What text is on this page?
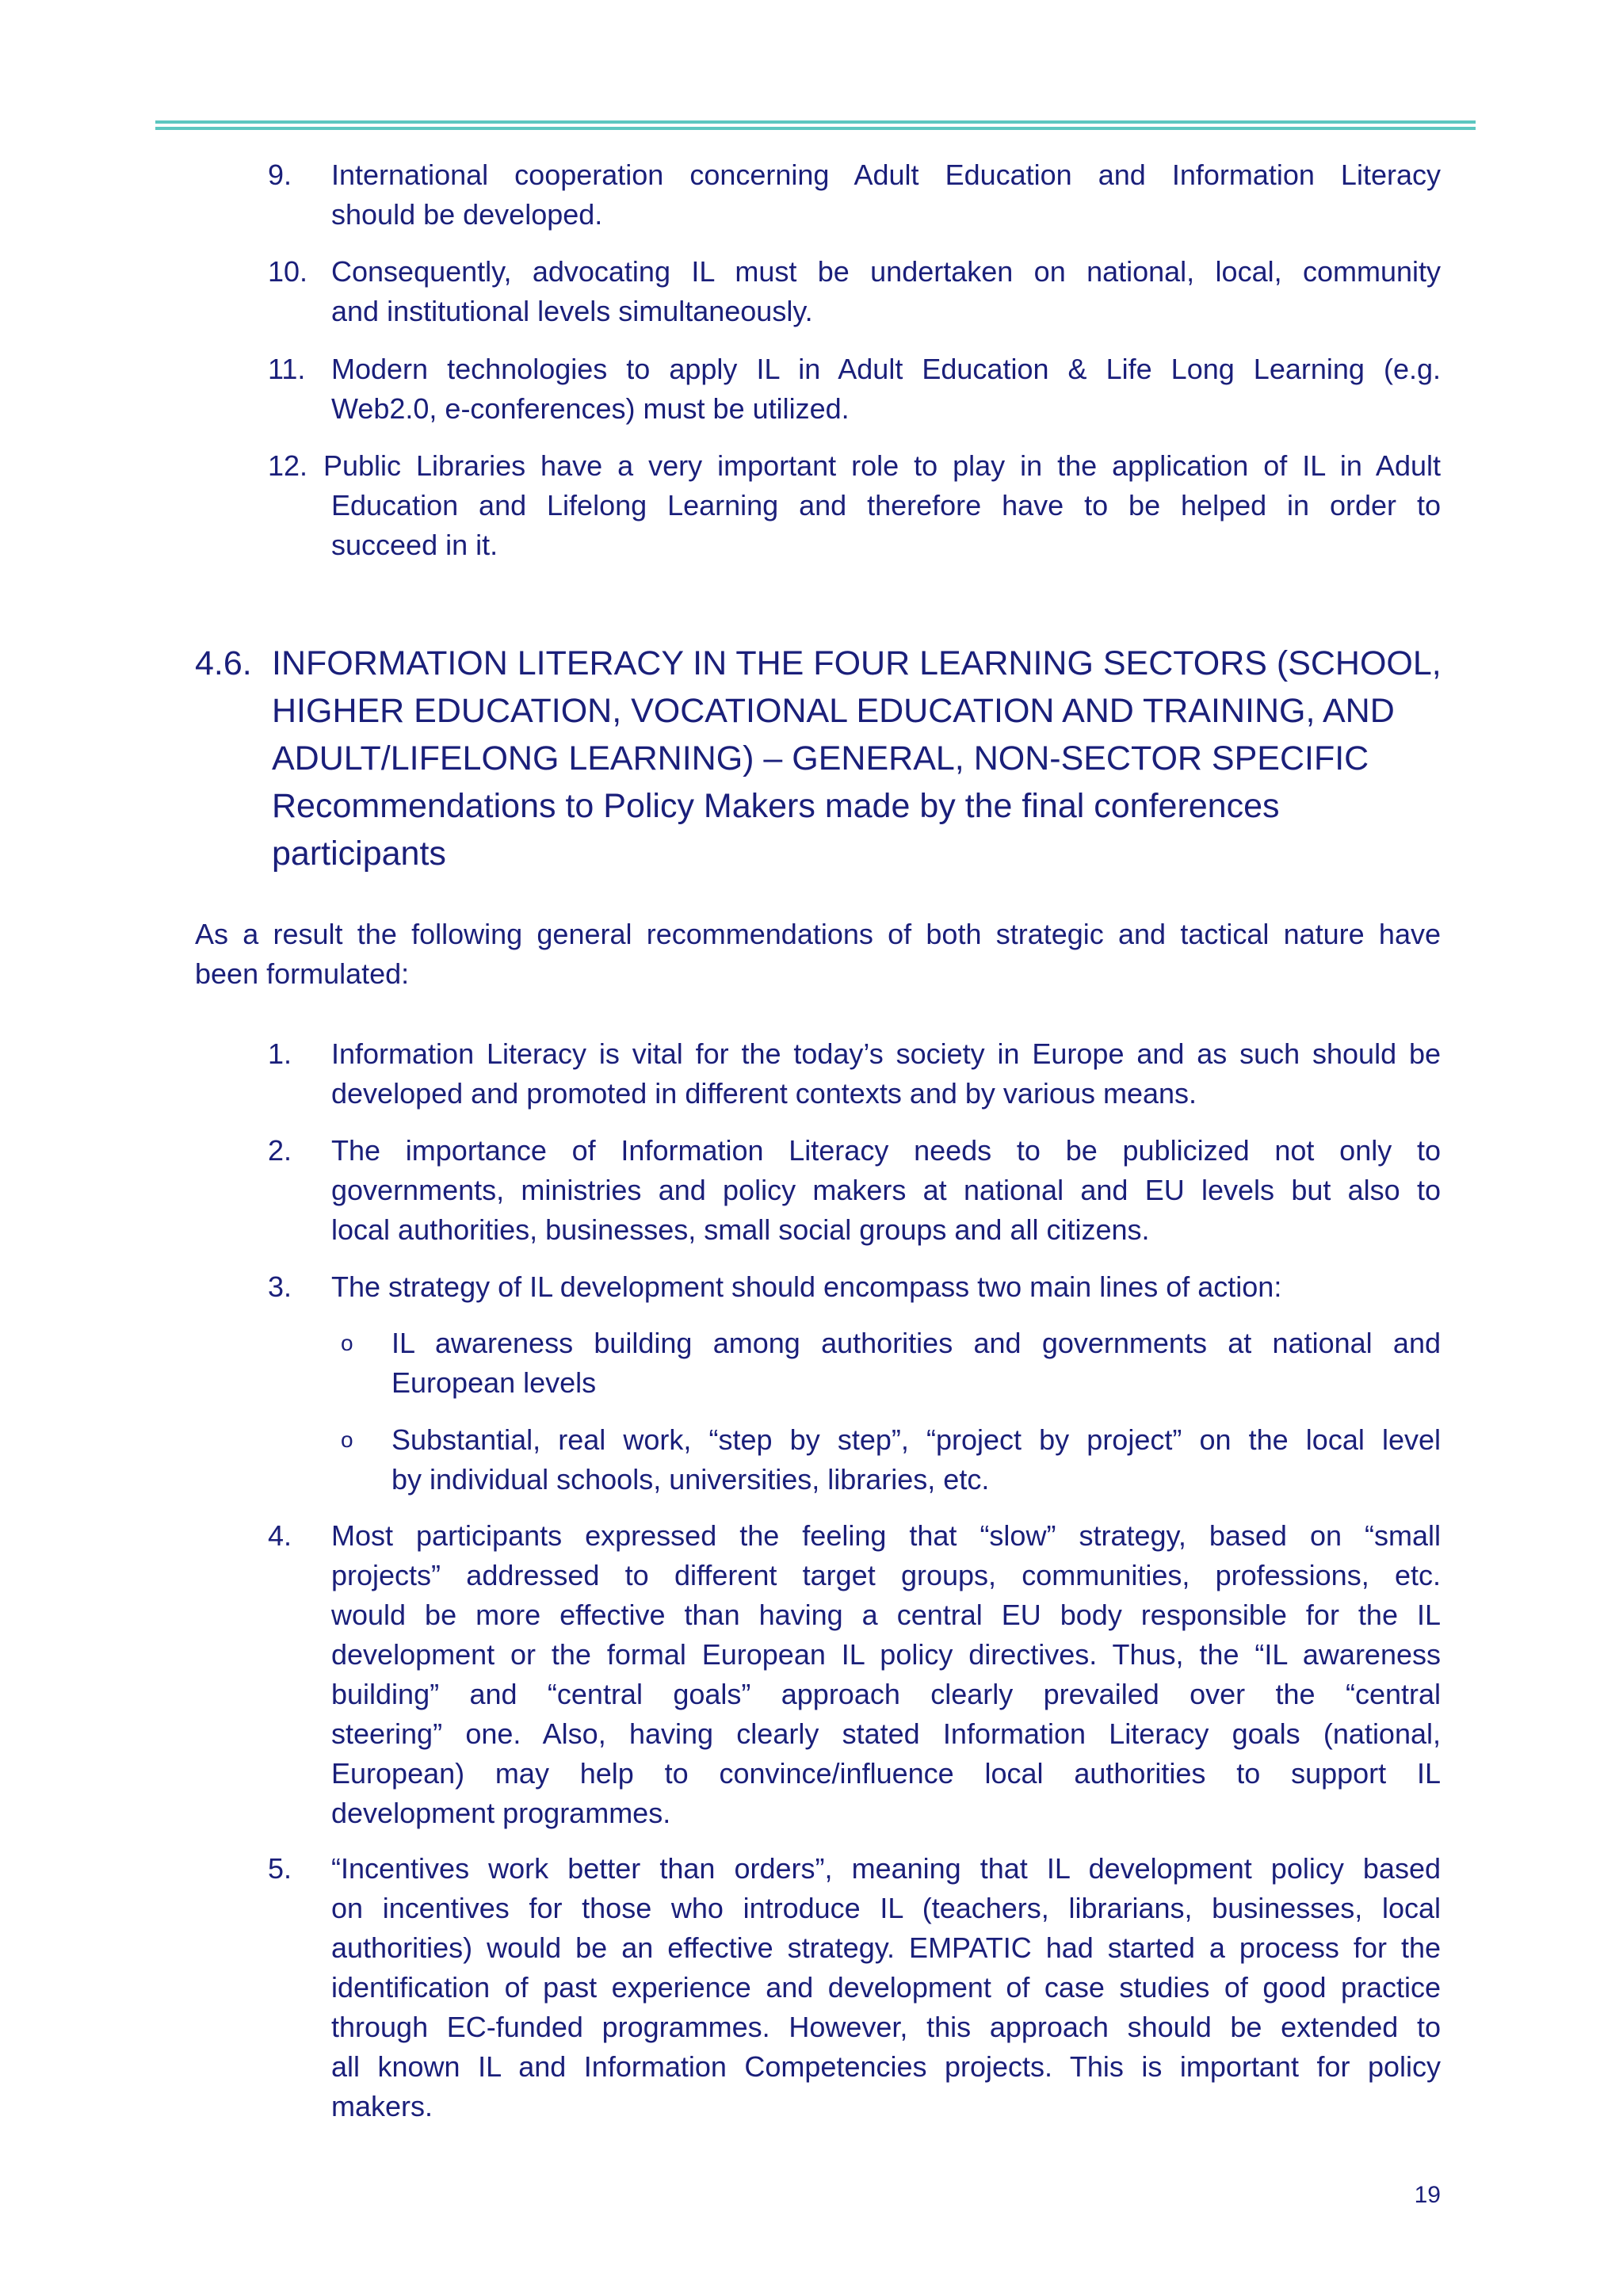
9.	International cooperation concerning Adult Education and Information Literacy
should be developed.
10. Consequently, advocating IL must be undertaken on national, local, community
and institutional levels simultaneously.
11. Modern technologies to apply IL in Adult Education & Life Long Learning (e.g.
Web2.0, e-conferences) must be utilized.
12. Public Libraries have a very important role to play in the application of IL in Adult
Education and Lifelong Learning and therefore have to be helped in order to
succeed in it.
4.6. INFORMATION LITERACY IN THE FOUR LEARNING SECTORS (SCHOOL,
HIGHER EDUCATION, VOCATIONAL EDUCATION AND TRAINING, AND
ADULT/LIFELONG LEARNING) – GENERAL, NON-SECTOR SPECIFIC
Recommendations to Policy Makers made by the final conferences
participants
As a result the following general recommendations of both strategic and tactical nature have
been formulated:
1.	Information Literacy is vital for the today’s society in Europe and as such should be
developed and promoted in different contexts and by various means.
2.	The importance of Information Literacy needs to be publicized not only to
governments, ministries and policy makers at national and EU levels but also to
local authorities, businesses, small social groups and all citizens.
3.	The strategy of IL development should encompass two main lines of action:
o	IL awareness building among authorities and governments at national and
European levels
o	Substantial, real work, “step by step”, “project by project” on the local level
by individual schools, universities, libraries, etc.
4.	Most participants expressed the feeling that “slow” strategy, based on “small
projects” addressed to different target groups, communities, professions, etc.
would be more effective than having a central EU body responsible for the IL
development or the formal European IL policy directives. Thus, the “IL awareness
building” and “central goals” approach clearly prevailed over the “central
steering” one. Also, having clearly stated Information Literacy goals (national,
European) may help to convince/influence local authorities to support IL
development programmes.
5.	“Incentives work better than orders”, meaning that IL development policy based
on incentives for those who introduce IL (teachers, librarians, businesses, local
authorities) would be an effective strategy. EMPATIC had started a process for the
identification of past experience and development of case studies of good practice
through EC-funded programmes. However, this approach should be extended to
all known IL and Information Competencies projects. This is important for policy
makers.
19
